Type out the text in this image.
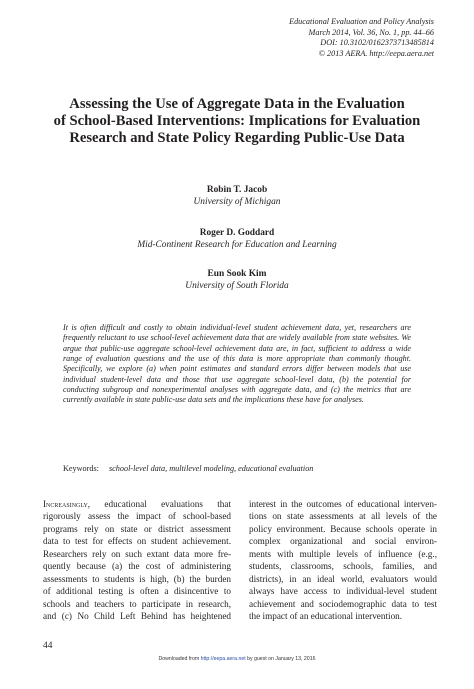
Educational Evaluation and Policy Analysis
March 2014, Vol. 36, No. 1, pp. 44–66
DOI: 10.3102/0162373713485814
© 2013 AERA. http://eepa.aera.net
Assessing the Use of Aggregate Data in the Evaluation
of School-Based Interventions: Implications for Evaluation
Research and State Policy Regarding Public-Use Data
Robin T. Jacob
University of Michigan
Roger D. Goddard
Mid-Continent Research for Education and Learning
Eun Sook Kim
University of South Florida
It is often difficult and costly to obtain individual-level student achievement data, yet, researchers are frequently reluctant to use school-level achievement data that are widely available from state websites. We argue that public-use aggregate school-level achievement data are, in fact, sufficient to address a wide range of evaluation questions and the use of this data is more appropriate than commonly thought. Specifically, we explore (a) when point estimates and standard errors differ between models that use individual student-level data and those that use aggregate school-level data, (b) the potential for conducting subgroup and nonexperimental analyses with aggregate data, and (c) the metrics that are currently available in state public-use data sets and the implications these have for analyses.
Keywords: school-level data, multilevel modeling, educational evaluation
Increasingly, educational evaluations that
rigorously assess the impact of school-based
programs rely on state or district assessment
data to test for effects on student achievement.
Researchers rely on such extant data more fre-
quently because (a) the cost of administering
assessments to students is high, (b) the burden
of additional testing is often a disincentive to
schools and teachers to participate in research,
and (c) No Child Left Behind has heightened
interest in the outcomes of educational interven-
tions on state assessments at all levels of the
policy environment. Because schools operate in
complex organizational and social environ-
ments with multiple levels of influence (e.g.,
students, classrooms, schools, families, and
districts), in an ideal world, evaluators would
always have access to individual-level student
achievement and sociodemographic data to test
the impact of an educational intervention.
44
Downloaded from http://eepa.aera.net by guest on January 13, 2016
